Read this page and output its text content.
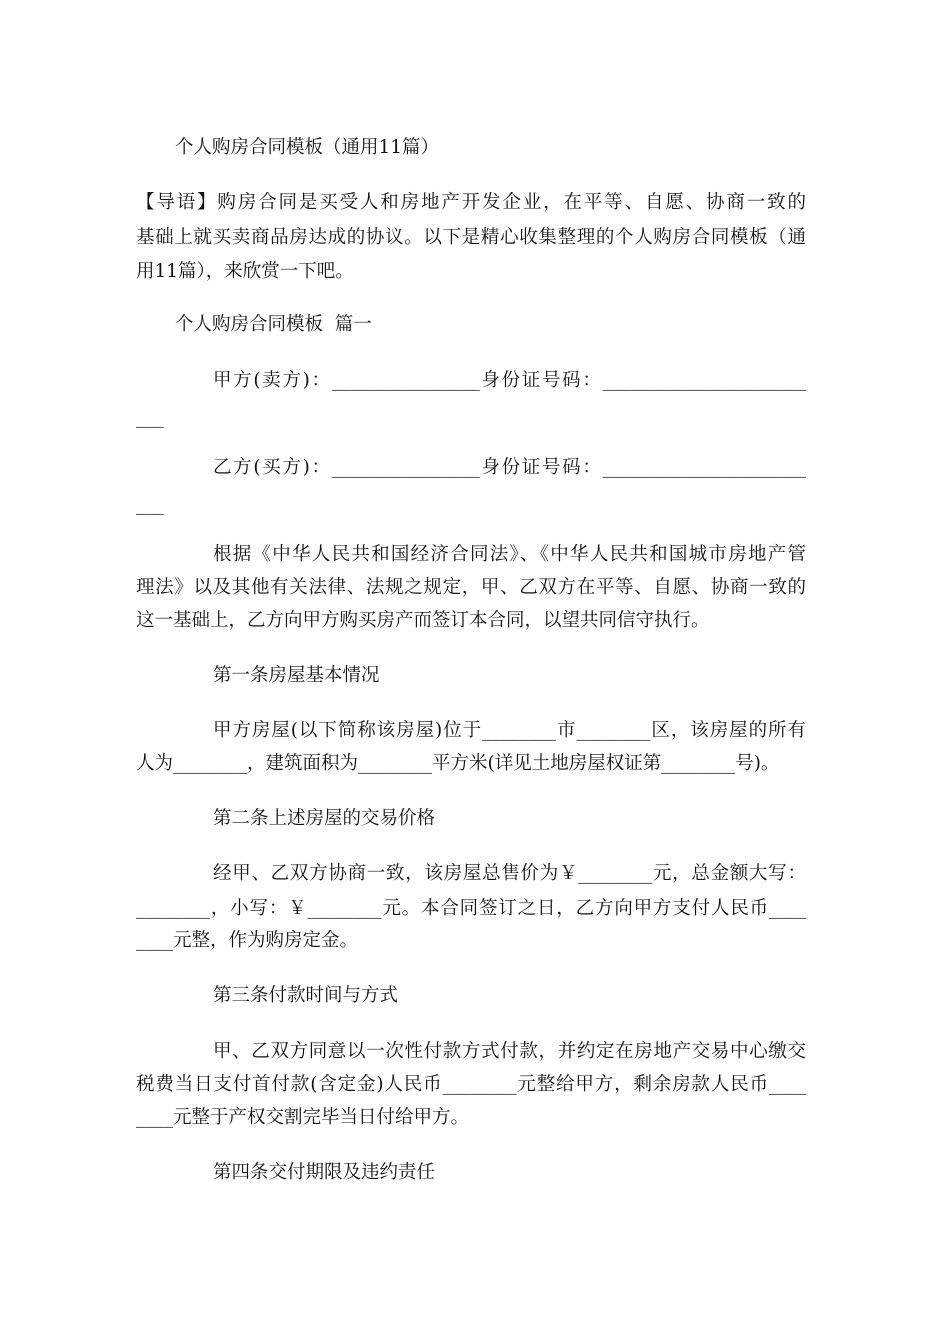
个人购房合同模板（通用11篇）
【导语】购房合同是买受人和房地产开发企业，在平等、自愿、协商一致的
基础上就买卖商品房达成的协议。以下是精心收集整理的个人购房合同模板（通
用11篇），来欣赏一下吧。
个人购房合同模板  篇一
甲方(卖方)：________________身份证号码：______________________
___
乙方(买方)：________________身份证号码：______________________
___
根据《中华人民共和国经济合同法》、《中华人民共和国城市房地产管
理法》以及其他有关法律、法规之规定，甲、乙双方在平等、自愿、协商一致的
这一基础上，乙方向甲方购买房产而签订本合同，以望共同信守执行。
第一条房屋基本情况
甲方房屋(以下简称该房屋)位于________市________区，该房屋的所有
人为________，建筑面积为________平方米(详见土地房屋权证第________号)。
第二条上述房屋的交易价格
经甲、乙双方协商一致，该房屋总售价为￥________元，总金额大写：
________，小写：￥________元。本合同签订之日，乙方向甲方支付人民币____
____元整，作为购房定金。
第三条付款时间与方式
甲、乙双方同意以一次性付款方式付款，并约定在房地产交易中心缴交
税费当日支付首付款(含定金)人民币________元整给甲方，剩余房款人民币____
____元整于产权交割完毕当日付给甲方。
第四条交付期限及违约责任
